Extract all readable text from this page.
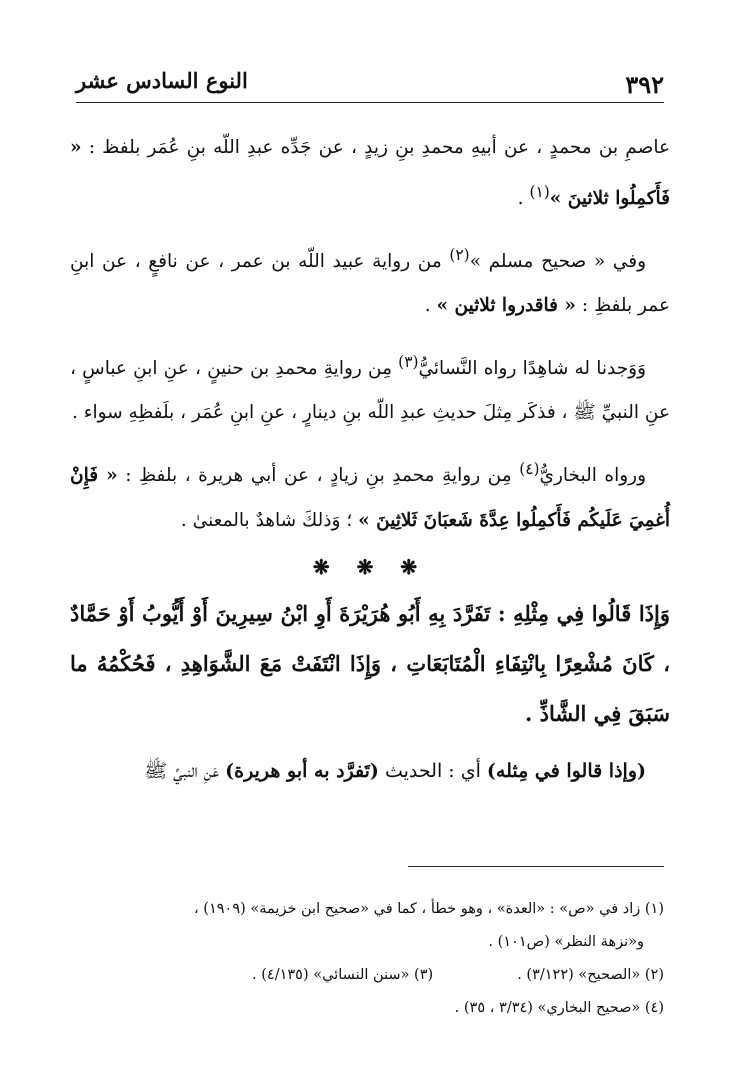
٣٩٢
النوع السادس عشر

عاصمِ بن محمدٍ ، عن أبيهِ محمدِ بنِ زيدٍ ، عن جَدِّه عبدِ اللّه بنِ عُمَر بلفظ : « فَأَكمِلُوا ثلاثينَ »$^{(١)}$ .

وفي « صحيح مسلم »$^{(٢)}$ من رواية عبيد اللّه بن عمر ، عن نافعٍ ، عن ابنِ عمر بلفظِ : « فاقدروا ثلاثين » .

وَوَجدنا له شاهِدًا رواه النَّسائيُّ$^{(٣)}$ مِن روايةِ محمدِ بن حنينٍ ، عنِ ابنِ عباسٍ ، عنِ النبيِّ ﷺ ، فذكَر مِثلَ حديثِ عبدِ اللّه بنِ دينارٍ ، عنِ ابنِ عُمَر ، بلَفظِهِ سواء .

ورواه البخاريُّ$^{(٤)}$ مِن روايةِ محمدِ بنِ زيادٍ ، عن أبي هريرة ، بلفظِ : « فَإِنْ أُغمِيَ عَلَيكُم فَأَكمِلُوا عِدَّةَ شَعبَانَ ثَلاثِينَ » ؛ وَذلكَ شاهدٌ بالمعنىٰ .

❋ ❋ ❋

وَإِذَا قَالُوا فِي مِثْلِهِ : تَفَرَّدَ بِهِ أَبُو هُرَيْرَةَ أَوِ ابْنُ سِيرِينَ أَوْ أَيُّوبُ أَوْ حَمَّادٌ ، كَانَ مُشْعِرًا بِانْتِفَاءِ الْمُتَابَعَاتِ ، وَإِذَا انْتَفَتْ مَعَ الشَّوَاهِدِ ، فَحُكْمُهُ ما سَبَقَ فِي الشَّاذِّ .

(وإذا قالوا في مِثله) أي : الحديث (تَفرَّد به أبو هريرة) عَنِ النبيِّ ﷺ

(١) زاد في «ص» : «العدة» ، وهو خطأ ، كما في «صحيح ابن خزيمة» (١٩٠٩) ،
و«نزهة النظر» (ص١٠١) .
(٢) «الصحيح» (٣/١٢٢) .
(٣) «سنن النسائي» (٤/١٣٥) .
(٤) «صحيح البخاري» (٣/٣٤ ، ٣٥) .
